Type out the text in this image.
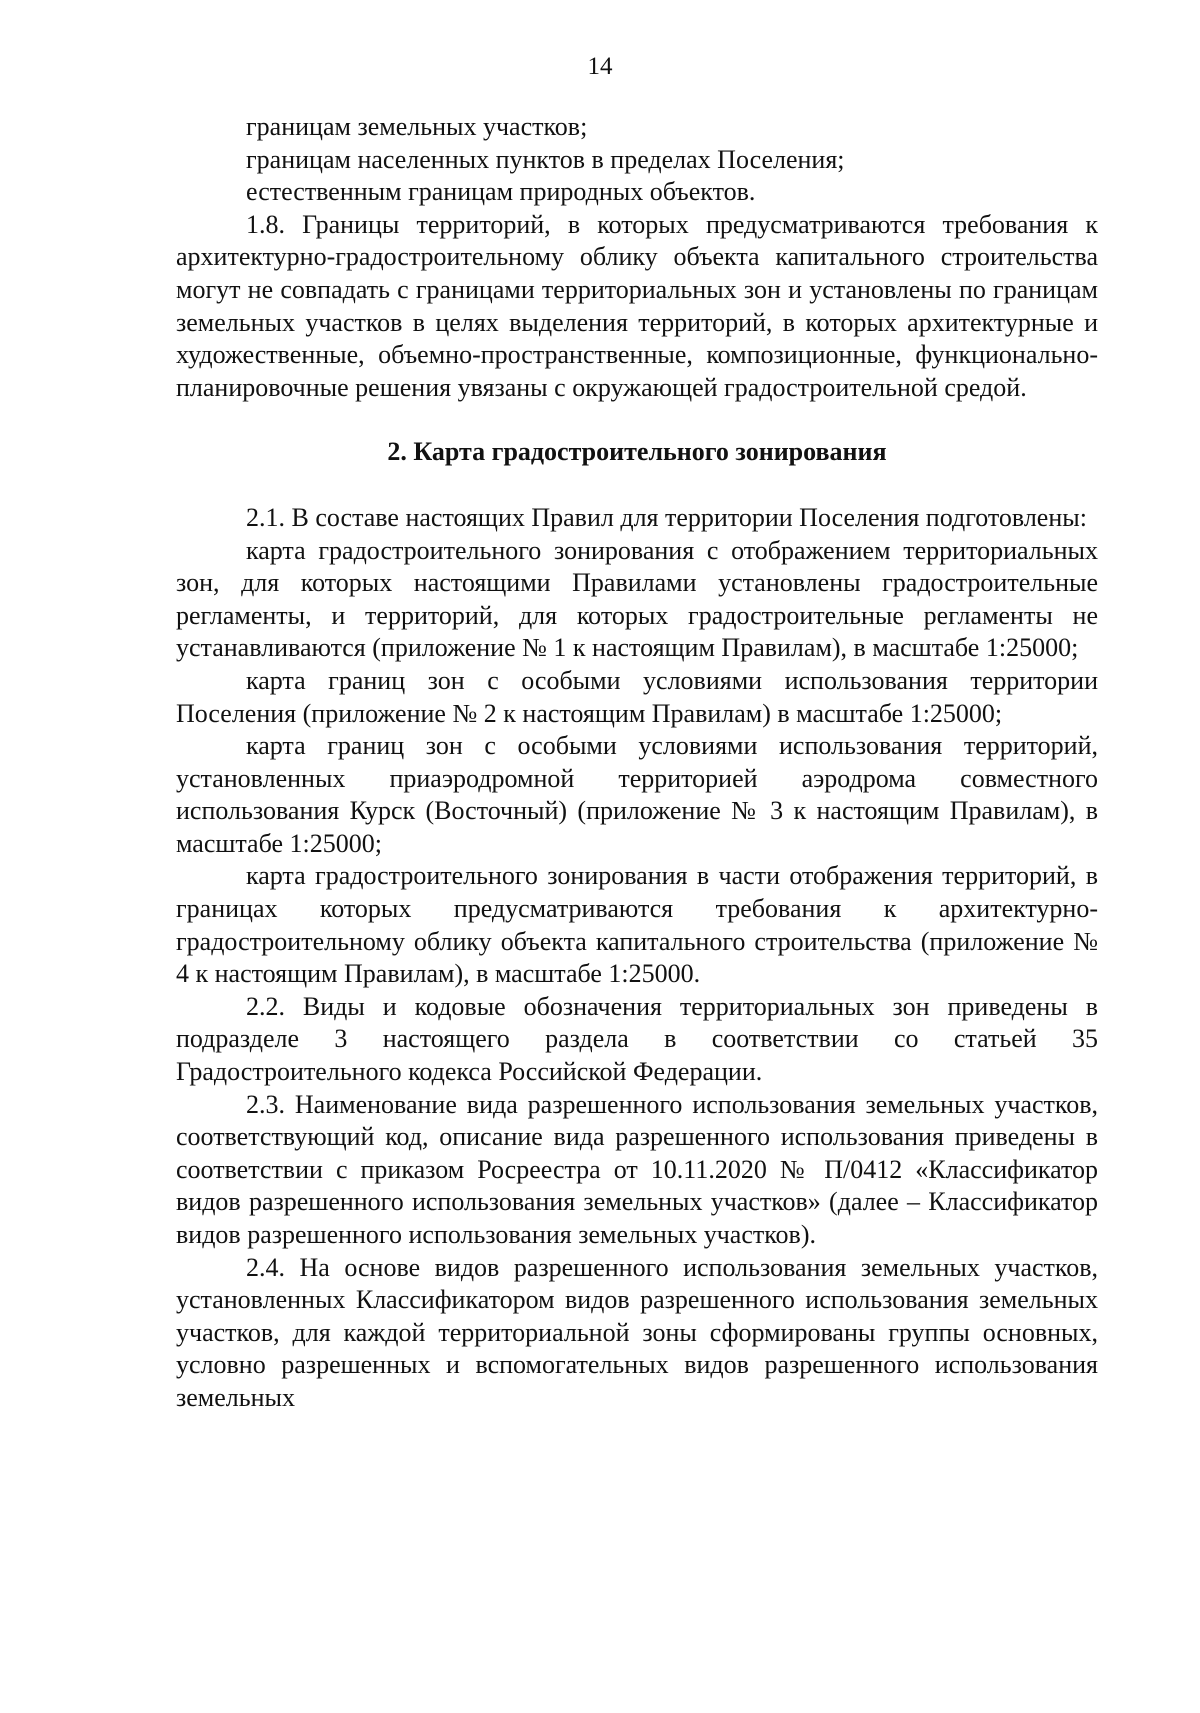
14

границам земельных участков;

границам населенных пунктов в пределах Поселения;

естественным границам природных объектов.

1.8. Границы территорий, в которых предусматриваются требования к архитектурно-градостроительному облику объекта капитального строительства могут не совпадать с границами территориальных зон и установлены по границам земельных участков в целях выделения территорий, в которых архитектурные и художественные, объемно-пространственные, композиционные, функционально-планировочные решения увязаны с окружающей градостроительной средой.

2. Карта градостроительного зонирования

2.1. В составе настоящих Правил для территории Поселения подготовлены:

карта градостроительного зонирования с отображением территориальных зон, для которых настоящими Правилами установлены градостроительные регламенты, и территорий, для которых градостроительные регламенты не устанавливаются (приложение № 1 к настоящим Правилам), в масштабе 1:25000;

карта границ зон с особыми условиями использования территории Поселения (приложение № 2 к настоящим Правилам) в масштабе 1:25000;

карта границ зон с особыми условиями использования территорий, установленных приаэродромной территорией аэродрома совместного использования Курск (Восточный) (приложение № 3 к настоящим Правилам), в масштабе 1:25000;

карта градостроительного зонирования в части отображения территорий, в границах которых предусматриваются требования к архитектурно-градостроительному облику объекта капитального строительства (приложение № 4 к настоящим Правилам), в масштабе 1:25000.

2.2. Виды и кодовые обозначения территориальных зон приведены в подразделе 3 настоящего раздела в соответствии со статьей 35 Градостроительного кодекса Российской Федерации.

2.3. Наименование вида разрешенного использования земельных участков, соответствующий код, описание вида разрешенного использования приведены в соответствии с приказом Росреестра от 10.11.2020 № П/0412 «Классификатор видов разрешенного использования земельных участков» (далее – Классификатор видов разрешенного использования земельных участков).

2.4. На основе видов разрешенного использования земельных участков, установленных Классификатором видов разрешенного использования земельных участков, для каждой территориальной зоны сформированы группы основных, условно разрешенных и вспомогательных видов разрешенного использования земельных
